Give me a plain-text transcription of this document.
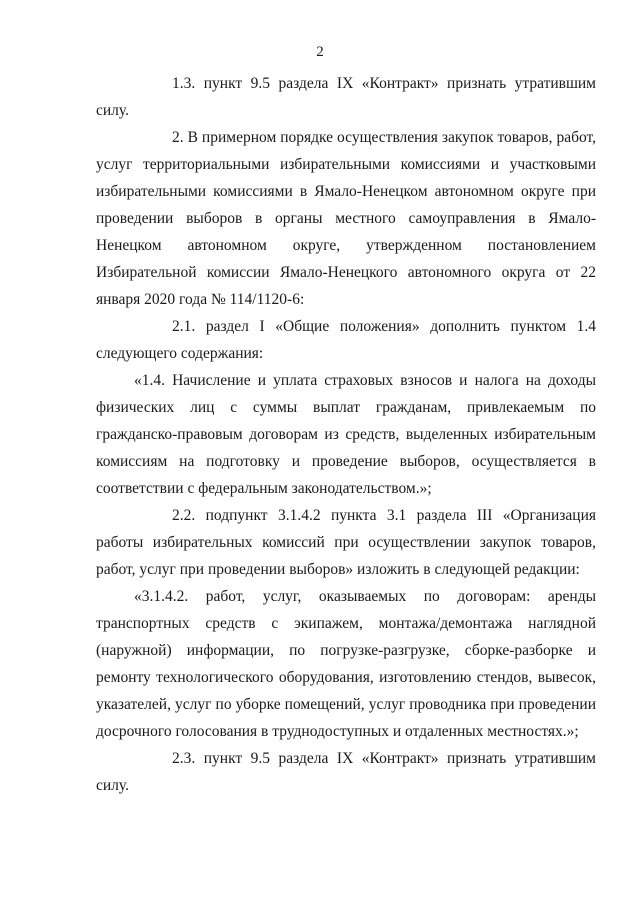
2

1.3. пункт 9.5 раздела IX «Контракт» признать утратившим силу.

2. В примерном порядке осуществления закупок товаров, работ, услуг территориальными избирательными комиссиями и участковыми избирательными комиссиями в Ямало-Ненецком автономном округе при проведении выборов в органы местного самоуправления в Ямало-Ненецком автономном округе, утвержденном постановлением Избирательной комиссии Ямало-Ненецкого автономного округа от 22 января 2020 года № 114/1120-6:

2.1. раздел I «Общие положения» дополнить пунктом 1.4 следующего содержания:

«1.4. Начисление и уплата страховых взносов и налога на доходы физических лиц с суммы выплат гражданам, привлекаемым по гражданско-правовым договорам из средств, выделенных избирательным комиссиям на подготовку и проведение выборов, осуществляется в соответствии с федеральным законодательством.»;

2.2. подпункт 3.1.4.2 пункта 3.1 раздела III «Организация работы избирательных комиссий при осуществлении закупок товаров, работ, услуг при проведении выборов» изложить в следующей редакции:

«3.1.4.2. работ, услуг, оказываемых по договорам: аренды транспортных средств с экипажем, монтажа/демонтажа наглядной (наружной) информации, по погрузке-разгрузке, сборке-разборке и ремонту технологического оборудования, изготовлению стендов, вывесок, указателей, услуг по уборке помещений, услуг проводника при проведении досрочного голосования в труднодоступных и отдаленных местностях.»;

2.3. пункт 9.5 раздела IX «Контракт» признать утратившим силу.
